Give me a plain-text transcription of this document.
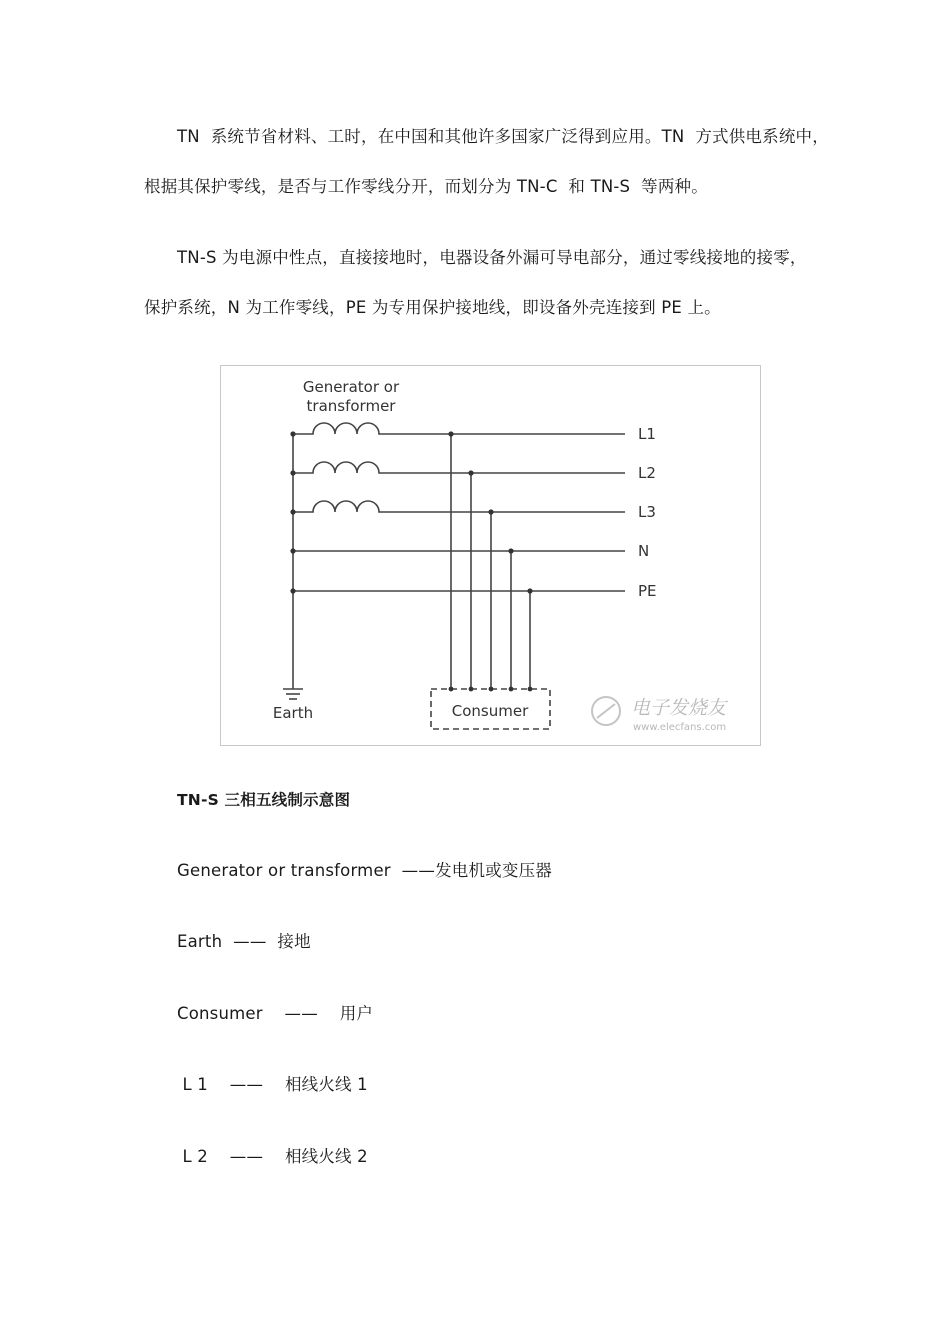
TN  系统节省材料、工时，在中国和其他许多国家广泛得到应用。TN  方式供电系统中，
根据其保护零线，是否与工作零线分开，而划分为 TN-C  和 TN-S  等两种。
TN-S 为电源中性点，直接接地时，电器设备外漏可导电部分，通过零线接地的接零，
保护系统，N 为工作零线，PE 为专用保护接地线，即设备外壳连接到 PE 上。
Generator or
transformer
L1
L2
L3
N
PE
Earth	Consumer	电子发烧友
www.elecfans.com
TN-S 三相五线制示意图
Generator or transformer  ——发电机或变压器
Earth  ——  接地
Consumer    ——    用户
L 1    ——    相线火线 1
L 2    ——    相线火线 2
